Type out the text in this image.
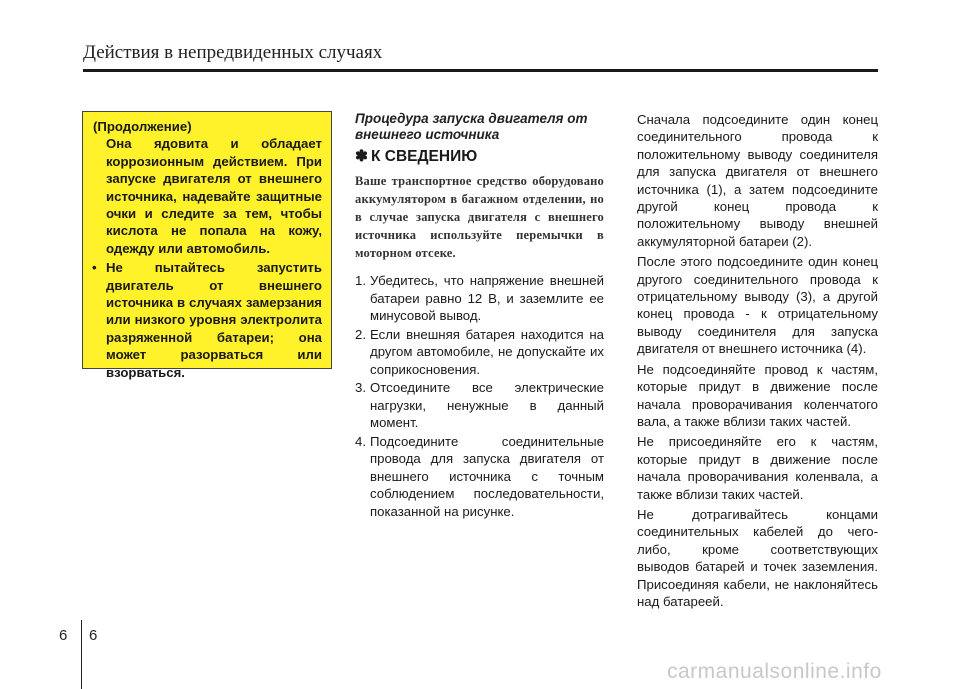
Действия в непредвиденных случаях
(Продолжение)
Она ядовита и обладает коррозионным действием. При запуске двигателя от внешнего источника, надевайте защитные очки и следите за тем, чтобы кислота не попала на кожу, одежду или автомобиль.
• Не пытайтесь запустить двигатель от внешнего источника в случаях замерзания или низкого уровня электролита разряженной батареи; она может разорваться или взорваться.
Процедура запуска двигателя от внешнего источника
✽ К СВЕДЕНИЮ
Ваше транспортное средство оборудовано аккумулятором в багажном отделении, но в случае запуска двигателя с внешнего источника используйте перемычки в моторном отсеке.
1. Убедитесь, что напряжение внешней батареи равно 12 В, и заземлите ее минусовой вывод.
2. Если внешняя батарея находится на другом автомобиле, не допускайте их соприкосновения.
3. Отсоедините все электрические нагрузки, ненужные в данный момент.
4. Подсоедините соединительные провода для запуска двигателя от внешнего источника с точным соблюдением последовательности, показанной на рисунке.

Сначала подсоедините один конец соединительного провода к положительному выводу соединителя для запуска двигателя от внешнего источника (1), а затем подсоедините другой конец провода к положительному выводу внешней аккумуляторной батареи (2).

После этого подсоедините один конец другого соединительного провода к отрицательному выводу (3), а другой конец провода - к отрицательному выводу соединителя для запуска двигателя от внешнего источника (4).

Не подсоединяйте провод к частям, которые придут в движение после начала проворачивания коленчатого вала, а также вблизи таких частей.

Не присоединяйте его к частям, которые придут в движение после начала проворачивания коленвала, а также вблизи таких частей.

Не дотрагивайтесь концами соединительных кабелей до чего-либо, кроме соответствующих выводов батарей и точек заземления. Присоединяя кабели, не наклоняйтесь над батареей.

6 6
carmanualsonline.info
